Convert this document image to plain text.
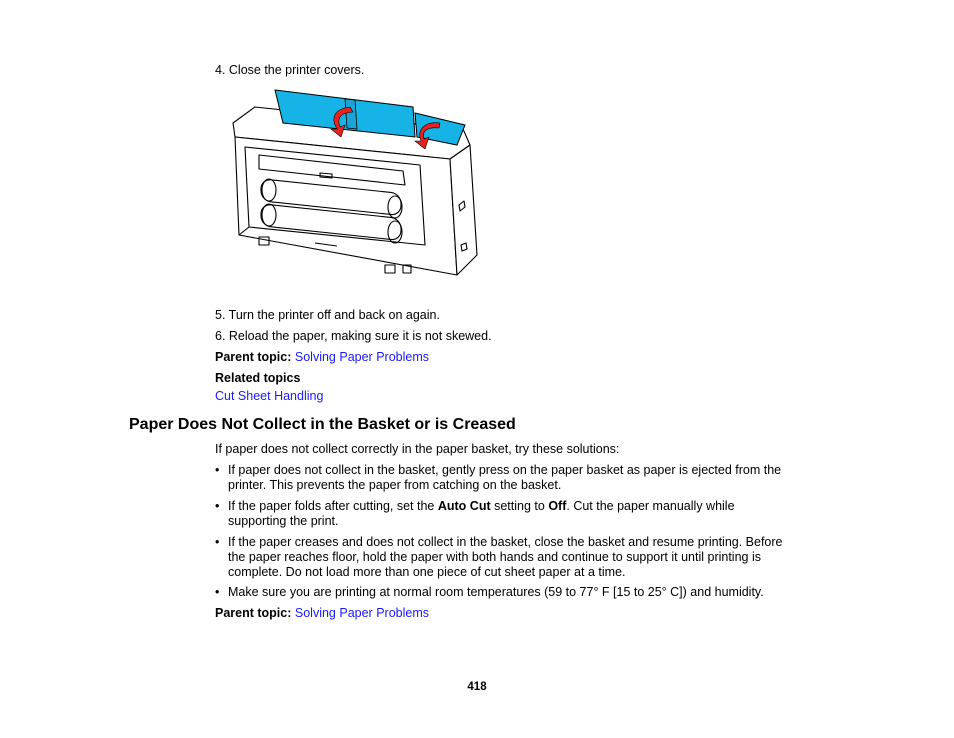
4. Close the printer covers.
5. Turn the printer off and back on again.
6. Reload the paper, making sure it is not skewed.
Parent topic: Solving Paper Problems
Related topics
Cut Sheet Handling
Paper Does Not Collect in the Basket or is Creased
If paper does not collect correctly in the paper basket, try these solutions:
• If paper does not collect in the basket, gently press on the paper basket as paper is ejected from the
printer. This prevents the paper from catching on the basket.
• If the paper folds after cutting, set the Auto Cut setting to Off. Cut the paper manually while
supporting the print.
• If the paper creases and does not collect in the basket, close the basket and resume printing. Before
the paper reaches floor, hold the paper with both hands and continue to support it until printing is
complete. Do not load more than one piece of cut sheet paper at a time.
• Make sure you are printing at normal room temperatures (59 to 77° F [15 to 25° C]) and humidity.
Parent topic: Solving Paper Problems
418
